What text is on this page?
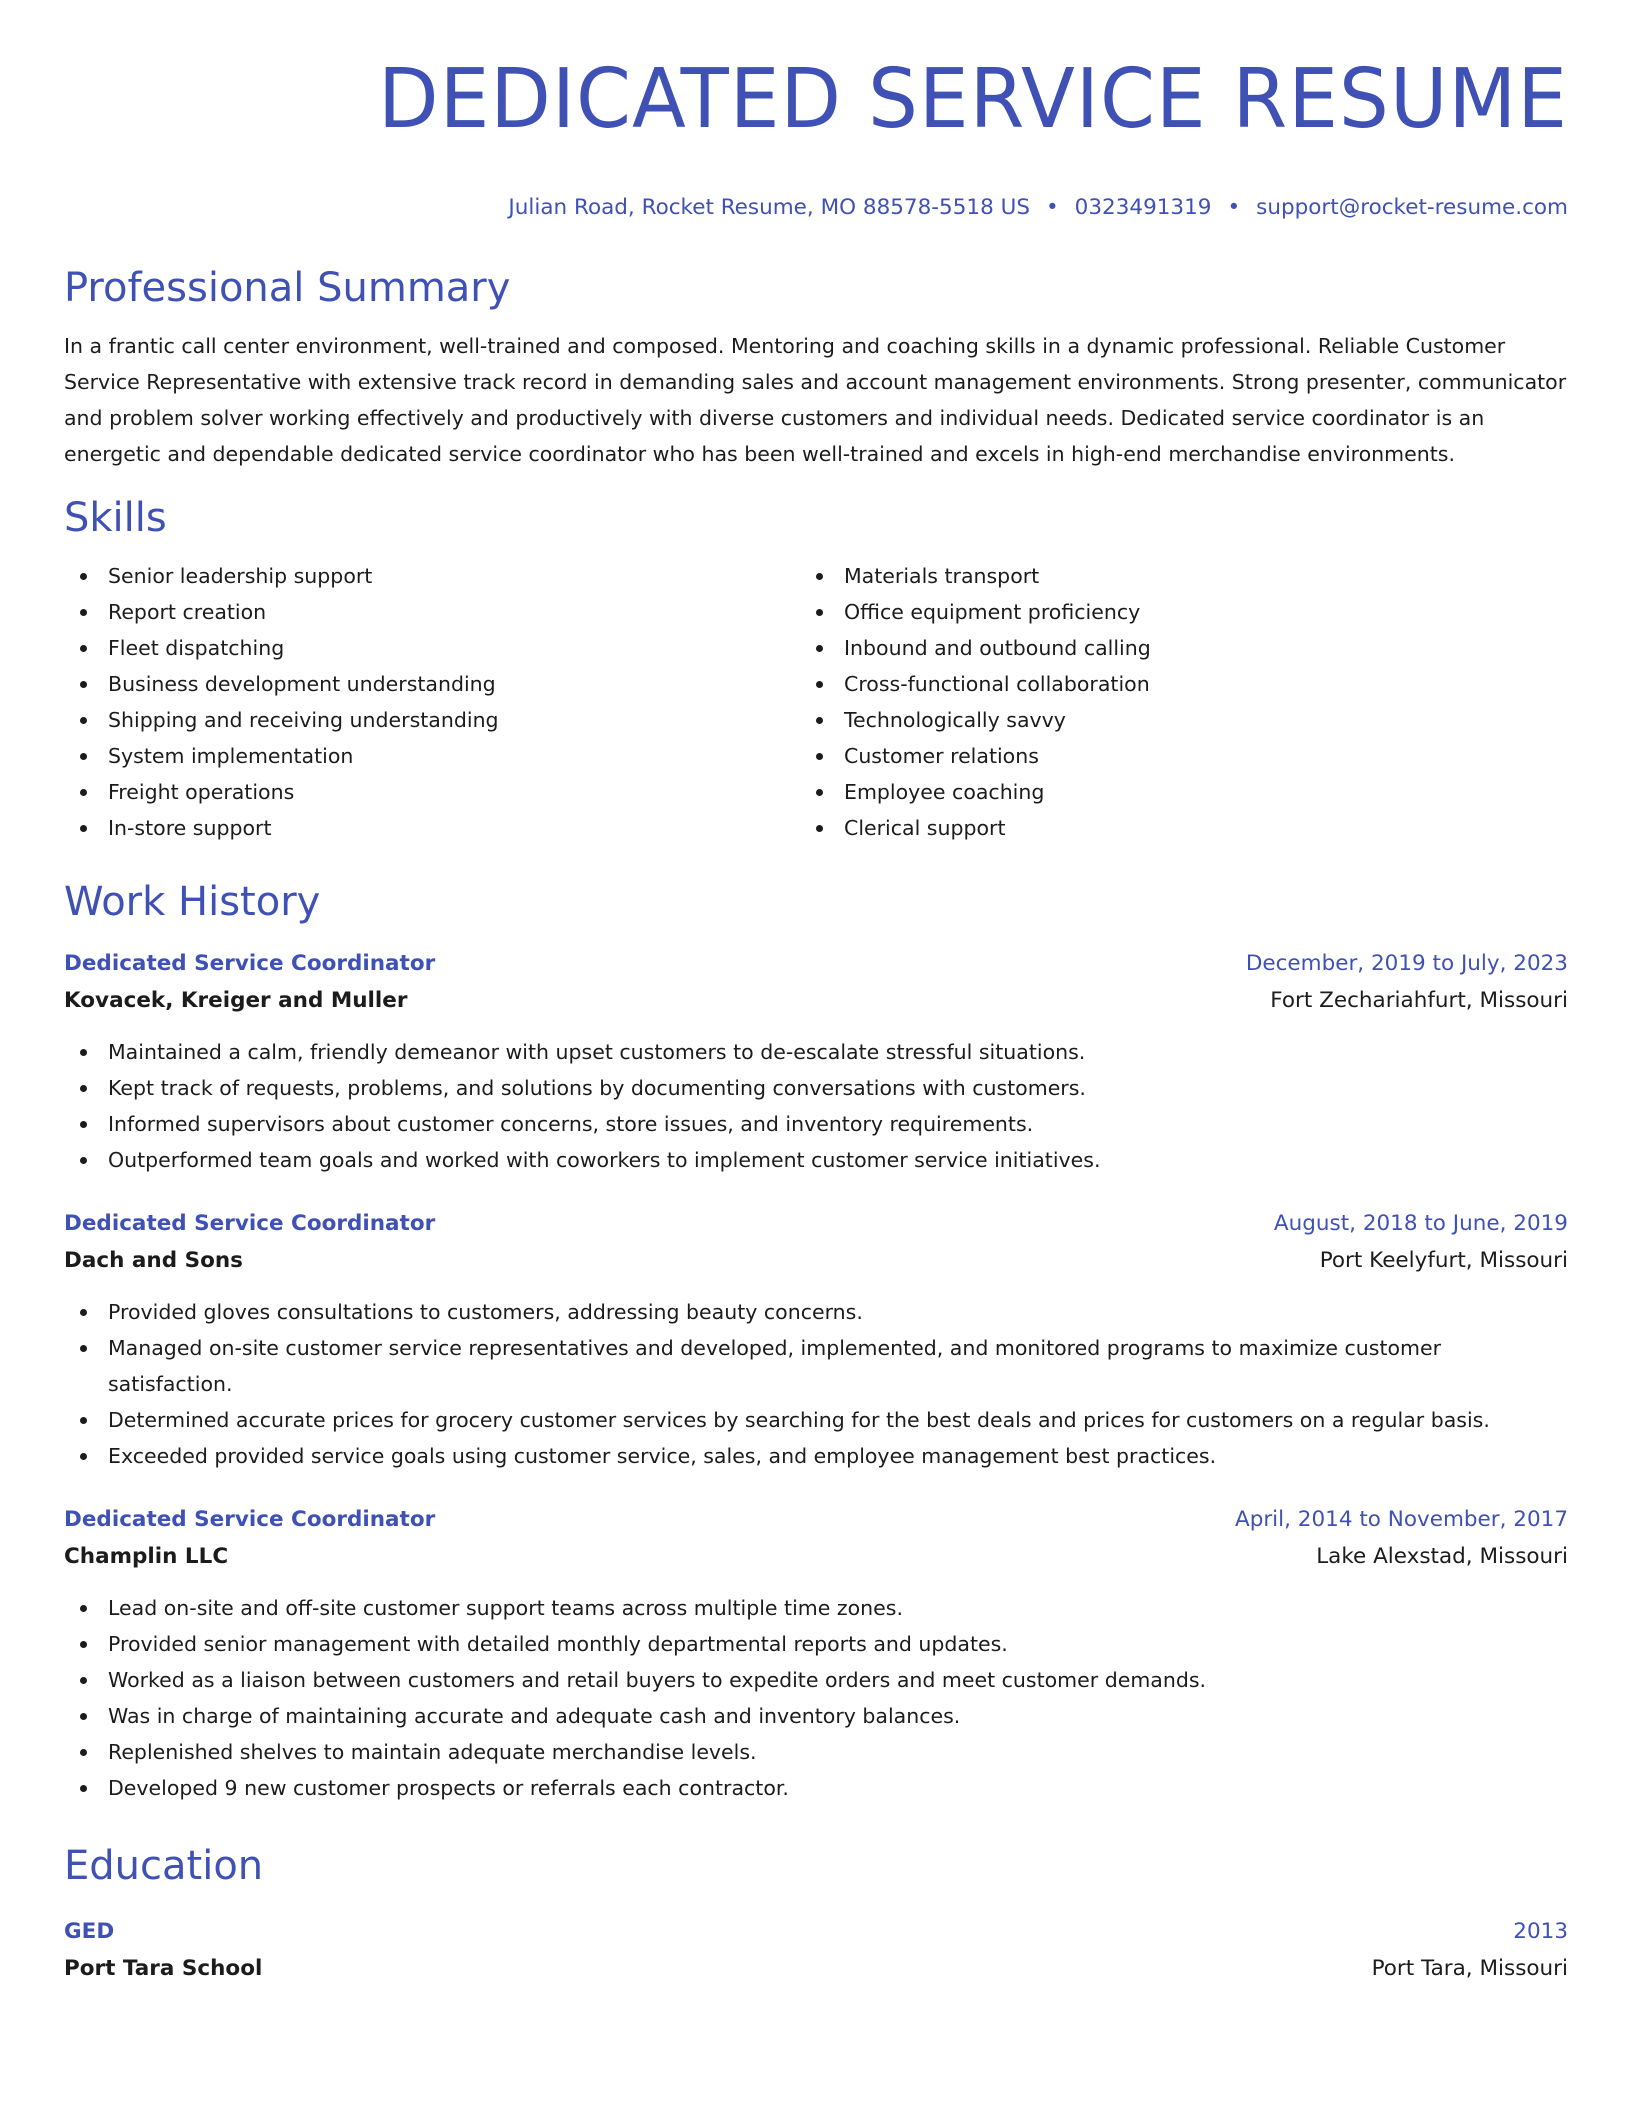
DEDICATED SERVICE RESUME
Julian Road, Rocket Resume, MO 88578-5518 US • 0323491319 • support@rocket-resume.com
Professional Summary

In a frantic call center environment, well-trained and composed. Mentoring and coaching skills in a dynamic professional. Reliable Customer Service Representative with extensive track record in demanding sales and account management environments. Strong presenter, communicator and problem solver working effectively and productively with diverse customers and individual needs. Dedicated service coordinator is an energetic and dependable dedicated service coordinator who has been well-trained and excels in high-end merchandise environments.

Skills
Senior leadership support
Report creation
Fleet dispatching
Business development understanding
Shipping and receiving understanding
System implementation
Freight operations
In-store support
Materials transport
Office equipment proficiency
Inbound and outbound calling
Cross-functional collaboration
Technologically savvy
Customer relations
Employee coaching
Clerical support
Work History
Dedicated Service Coordinator	December, 2019 to July, 2023
Kovacek, Kreiger and Muller	Fort Zechariahfurt, Missouri
Maintained a calm, friendly demeanor with upset customers to de-escalate stressful situations.
Kept track of requests, problems, and solutions by documenting conversations with customers.
Informed supervisors about customer concerns, store issues, and inventory requirements.
Outperformed team goals and worked with coworkers to implement customer service initiatives.
Dedicated Service Coordinator	August, 2018 to June, 2019
Dach and Sons	Port Keelyfurt, Missouri
Provided gloves consultations to customers, addressing beauty concerns.
Managed on-site customer service representatives and developed, implemented, and monitored programs to maximize customer satisfaction.
Determined accurate prices for grocery customer services by searching for the best deals and prices for customers on a regular basis.
Exceeded provided service goals using customer service, sales, and employee management best practices.
Dedicated Service Coordinator	April, 2014 to November, 2017
Champlin LLC	Lake Alexstad, Missouri
Lead on-site and off-site customer support teams across multiple time zones.
Provided senior management with detailed monthly departmental reports and updates.
Worked as a liaison between customers and retail buyers to expedite orders and meet customer demands.
Was in charge of maintaining accurate and adequate cash and inventory balances.
Replenished shelves to maintain adequate merchandise levels.
Developed 9 new customer prospects or referrals each contractor.
Education
GED	2013
Port Tara School	Port Tara, Missouri
